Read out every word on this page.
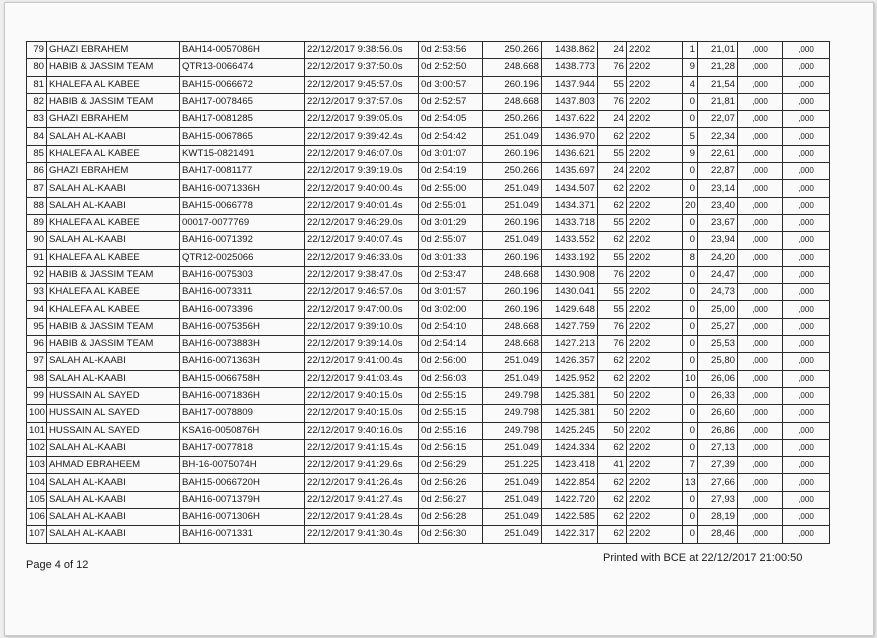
79	GHAZI EBRAHEM	BAH14-0057086H	22/12/2017 9:38:56.0s	0d 2:53:56	250.266	1438.862	24	2202	1	21,01	,000	,000
80	HABIB & JASSIM TEAM	QTR13-0066474	22/12/2017 9:37:50.0s	0d 2:52:50	248.668	1438.773	76	2202	9	21,28	,000	,000
81	KHALEFA AL KABEE	BAH15-0066672	22/12/2017 9:45:57.0s	0d 3:00:57	260.196	1437.944	55	2202	4	21,54	,000	,000
82	HABIB & JASSIM TEAM	BAH17-0078465	22/12/2017 9:37:57.0s	0d 2:52:57	248.668	1437.803	76	2202	0	21,81	,000	,000
83	GHAZI EBRAHEM	BAH17-0081285	22/12/2017 9:39:05.0s	0d 2:54:05	250.266	1437.622	24	2202	0	22,07	,000	,000
84	SALAH AL-KAABI	BAH15-0067865	22/12/2017 9:39:42.4s	0d 2:54:42	251.049	1436.970	62	2202	5	22,34	,000	,000
85	KHALEFA AL KABEE	KWT15-0821491	22/12/2017 9:46:07.0s	0d 3:01:07	260.196	1436.621	55	2202	9	22,61	,000	,000
86	GHAZI EBRAHEM	BAH17-0081177	22/12/2017 9:39:19.0s	0d 2:54:19	250.266	1435.697	24	2202	0	22,87	,000	,000
87	SALAH AL-KAABI	BAH16-0071336H	22/12/2017 9:40:00.4s	0d 2:55:00	251.049	1434.507	62	2202	0	23,14	,000	,000
88	SALAH AL-KAABI	BAH15-0066778	22/12/2017 9:40:01.4s	0d 2:55:01	251.049	1434.371	62	2202	20	23,40	,000	,000
89	KHALEFA AL KABEE	00017-0077769	22/12/2017 9:46:29.0s	0d 3:01:29	260.196	1433.718	55	2202	0	23,67	,000	,000
90	SALAH AL-KAABI	BAH16-0071392	22/12/2017 9:40:07.4s	0d 2:55:07	251.049	1433.552	62	2202	0	23,94	,000	,000
91	KHALEFA AL KABEE	QTR12-0025066	22/12/2017 9:46:33.0s	0d 3:01:33	260.196	1433.192	55	2202	8	24,20	,000	,000
92	HABIB & JASSIM TEAM	BAH16-0075303	22/12/2017 9:38:47.0s	0d 2:53:47	248.668	1430.908	76	2202	0	24,47	,000	,000
93	KHALEFA AL KABEE	BAH16-0073311	22/12/2017 9:46:57.0s	0d 3:01:57	260.196	1430.041	55	2202	0	24,73	,000	,000
94	KHALEFA AL KABEE	BAH16-0073396	22/12/2017 9:47:00.0s	0d 3:02:00	260.196	1429.648	55	2202	0	25,00	,000	,000
95	HABIB & JASSIM TEAM	BAH16-0075356H	22/12/2017 9:39:10.0s	0d 2:54:10	248.668	1427.759	76	2202	0	25,27	,000	,000
96	HABIB & JASSIM TEAM	BAH16-0073883H	22/12/2017 9:39:14.0s	0d 2:54:14	248.668	1427.213	76	2202	0	25,53	,000	,000
97	SALAH AL-KAABI	BAH16-0071363H	22/12/2017 9:41:00.4s	0d 2:56:00	251.049	1426.357	62	2202	0	25,80	,000	,000
98	SALAH AL-KAABI	BAH15-0066758H	22/12/2017 9:41:03.4s	0d 2:56:03	251.049	1425.952	62	2202	10	26,06	,000	,000
99	HUSSAIN AL SAYED	BAH16-0071836H	22/12/2017 9:40:15.0s	0d 2:55:15	249.798	1425.381	50	2202	0	26,33	,000	,000
100	HUSSAIN AL SAYED	BAH17-0078809	22/12/2017 9:40:15.0s	0d 2:55:15	249.798	1425.381	50	2202	0	26,60	,000	,000
101	HUSSAIN AL SAYED	KSA16-0050876H	22/12/2017 9:40:16.0s	0d 2:55:16	249.798	1425.245	50	2202	0	26,86	,000	,000
102	SALAH AL-KAABI	BAH17-0077818	22/12/2017 9:41:15.4s	0d 2:56:15	251.049	1424.334	62	2202	0	27,13	,000	,000
103	AHMAD EBRAHEEM	BH-16-0075074H	22/12/2017 9:41:29.6s	0d 2:56:29	251.225	1423.418	41	2202	7	27,39	,000	,000
104	SALAH AL-KAABI	BAH15-0066720H	22/12/2017 9:41:26.4s	0d 2:56:26	251.049	1422.854	62	2202	13	27,66	,000	,000
105	SALAH AL-KAABI	BAH16-0071379H	22/12/2017 9:41:27.4s	0d 2:56:27	251.049	1422.720	62	2202	0	27,93	,000	,000
106	SALAH AL-KAABI	BAH16-0071306H	22/12/2017 9:41:28.4s	0d 2:56:28	251.049	1422.585	62	2202	0	28,19	,000	,000
107	SALAH AL-KAABI	BAH16-0071331	22/12/2017 9:41:30.4s	0d 2:56:30	251.049	1422.317	62	2202	0	28,46	,000	,000
Page 4 of 12
Printed with BCE at 22/12/2017 21:00:50
